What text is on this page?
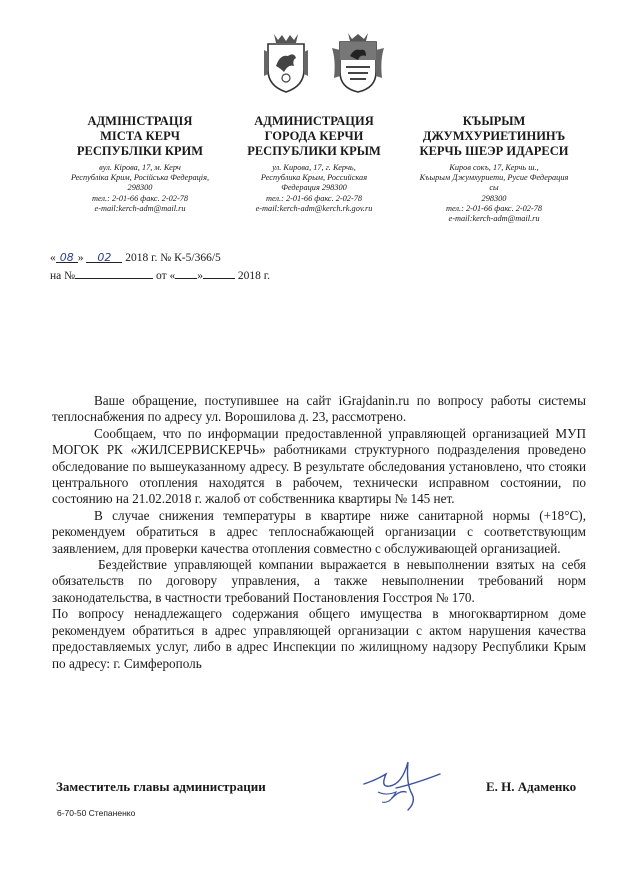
АДМІНІСТРАЦІЯ
МІСТА КЕРЧ
РЕСПУБЛІКИ КРИМ
вул. Кірова, 17, м. Керч
Республіка Крим, Російська Федерація,
298300
тел.: 2-01-66 факс. 2-02-78
e-mail:kerch-adm@mail.ru
АДМИНИСТРАЦИЯ
ГОРОДА КЕРЧИ
РЕСПУБЛИКИ КРЫМ
ул. Кирова, 17, г. Керчь,
Республика Крым, Российская
Федерация 298300
тел.: 2-01-66 факс. 2-02-78
e-mail:kerch-adm@kerch.rk.gov.ru
КЪЫРЫМ
ДЖУМХУРИЕТИНИНЪ
КЕРЧЬ ШЕЭР ИДАРЕСИ
Киров сокъ, 17, Керчь ш.,
Къырым Джумхуриети, Русие Федерация
сы
298300
тел.: 2-01-66 факс. 2-02-78
e-mail:kerch-adm@mail.ru
« 08 » 02 2018 г. № К-5/366/5
на №	от « »	2018 г.

Ваше обращение, поступившее на сайт iGrajdanin.ru по вопросу работы системы теплоснабжения по адресу ул. Ворошилова д. 23, рассмотрено.

Сообщаем, что по информации предоставленной управляющей организацией МУП МОГОК РК «ЖИЛСЕРВИСКЕРЧЬ» работниками структурного подразделения проведено обследование по вышеуказанному адресу. В результате обследования установлено, что стояки центрального отопления находятся в рабочем, технически исправном состоянии, по состоянию на 21.02.2018 г. жалоб от собственника квартиры № 145 нет.

В случае снижения температуры в квартире ниже санитарной нормы (+18°С), рекомендуем обратиться в адрес теплоснабжающей организации с соответствующим заявлением, для проверки качества отопления совместно с обслуживающей организацией.

Бездействие управляющей компании выражается в невыполнении взятых на себя обязательств по договору управления, а также невыполнении требований норм законодательства, в частности требований Постановления Госстроя № 170.

По вопросу ненадлежащего содержания общего имущества в многоквартирном доме рекомендуем обратиться в адрес управляющей организации с актом нарушения качества предоставляемых услуг, либо в адрес Инспекции по жилищному надзору Республики Крым по адресу: г. Симферополь

Заместитель главы администрации	Е. Н. Адаменко
6-70-50 Степаненко
